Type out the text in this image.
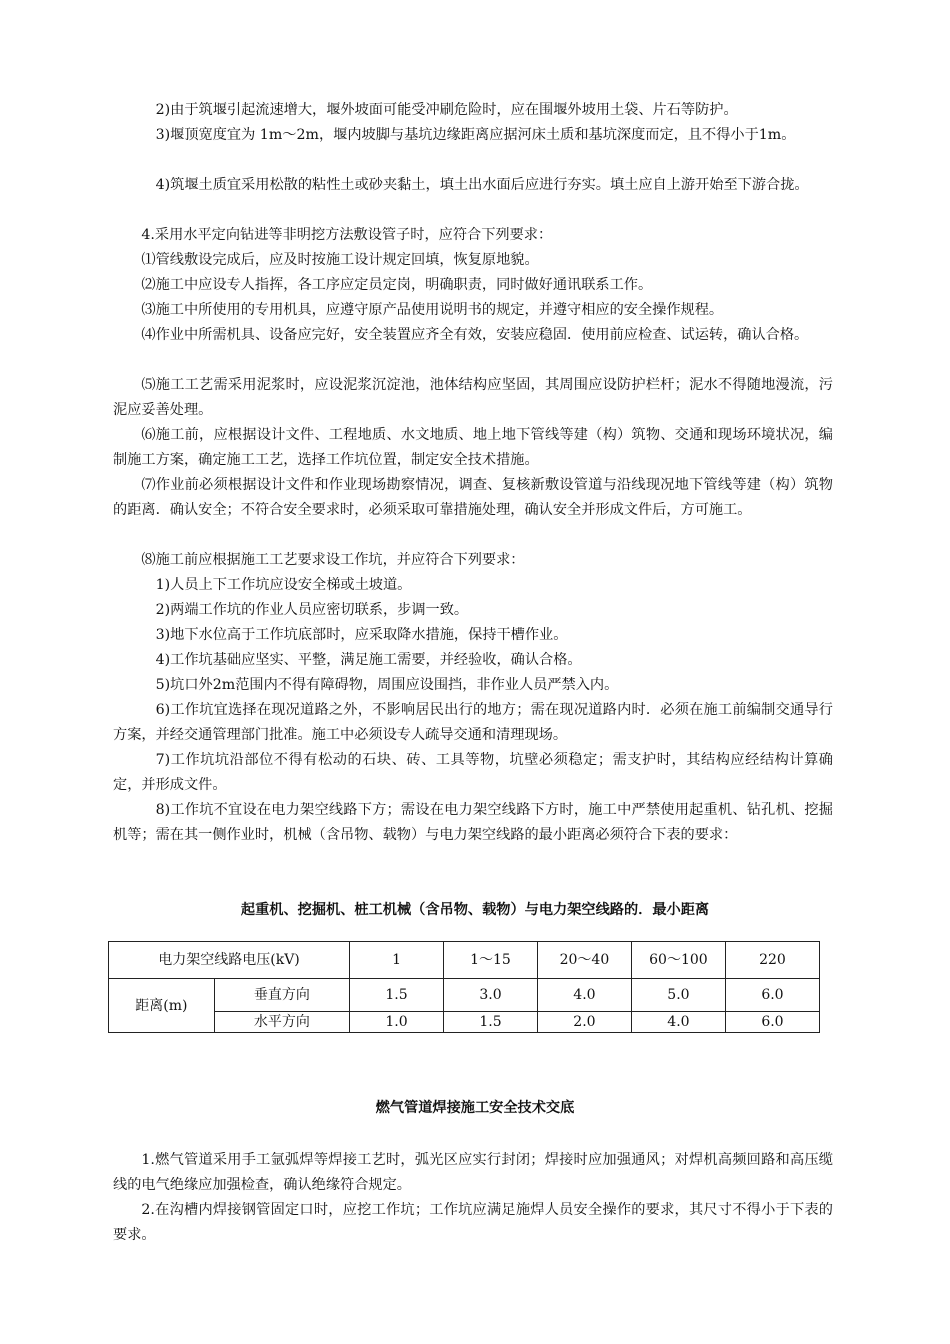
2)由于筑堰引起流速增大，堰外坡面可能受冲刷危险时，应在围堰外坡用土袋、片石等防护。

3)堰顶宽度宜为 1m～2m，堰内坡脚与基坑边缘距离应据河床土质和基坑深度而定，且不得小于1m。

4)筑堰土质宜采用松散的粘性土或砂夹黏土，填土出水面后应进行夯实。填土应自上游开始至下游合拢。

4.采用水平定向钻进等非明挖方法敷设管子时，应符合下列要求：

⑴管线敷设完成后，应及时按施工设计规定回填，恢复原地貌。

⑵施工中应设专人指挥，各工序应定员定岗，明确职责，同时做好通讯联系工作。

⑶施工中所使用的专用机具，应遵守原产品使用说明书的规定，并遵守相应的安全操作规程。

⑷作业中所需机具、设备应完好，安全装置应齐全有效，安装应稳固．使用前应检查、试运转，确认合格。

⑸施工工艺需采用泥浆时，应设泥浆沉淀池，池体结构应坚固，其周围应设防护栏杆；泥水不得随地漫流，污泥应妥善处理。

⑹施工前，应根据设计文件、工程地质、水文地质、地上地下管线等建（构）筑物、交通和现场环境状况，编制施工方案，确定施工工艺，选择工作坑位置，制定安全技术措施。

⑺作业前必须根据设计文件和作业现场勘察情况，调查、复核新敷设管道与沿线现况地下管线等建（构）筑物的距离．确认安全；不符合安全要求时，必须采取可靠措施处理，确认安全并形成文件后，方可施工。

⑻施工前应根据施工工艺要求设工作坑，并应符合下列要求：

1)人员上下工作坑应设安全梯或土坡道。

2)两端工作坑的作业人员应密切联系，步调一致。

3)地下水位高于工作坑底部时，应采取降水措施，保持干槽作业。

4)工作坑基础应坚实、平整，满足施工需要，并经验收，确认合格。

5)坑口外2m范围内不得有障碍物，周围应设围挡，非作业人员严禁入内。

6)工作坑宜选择在现况道路之外，不影响居民出行的地方；需在现况道路内时．必须在施工前编制交通导行方案，并经交通管理部门批准。施工中必须设专人疏导交通和清理现场。

7)工作坑坑沿部位不得有松动的石块、砖、工具等物，坑壁必须稳定；需支护时，其结构应经结构计算确定，并形成文件。

8)工作坑不宜设在电力架空线路下方；需设在电力架空线路下方时，施工中严禁使用起重机、钻孔机、挖掘机等；需在其一侧作业时，机械（含吊物、载物）与电力架空线路的最小距离必须符合下表的要求：

起重机、挖掘机、桩工机械（含吊物、载物）与电力架空线路的．最小距离

电力架空线路电压(kV)		1	1～15	20～40	60～100	220
距离(m)	垂直方向	1.5	3.0	4.0	5.0	6.0
	水平方向	1.0	1.5	2.0	4.0	6.0

燃气管道焊接施工安全技术交底

1.燃气管道采用手工氩弧焊等焊接工艺时，弧光区应实行封闭；焊接时应加强通风；对焊机高频回路和高压缆线的电气绝缘应加强检查，确认绝缘符合规定。

2.在沟槽内焊接钢管固定口时，应挖工作坑；工作坑应满足施焊人员安全操作的要求，其尺寸不得小于下表的要求。
